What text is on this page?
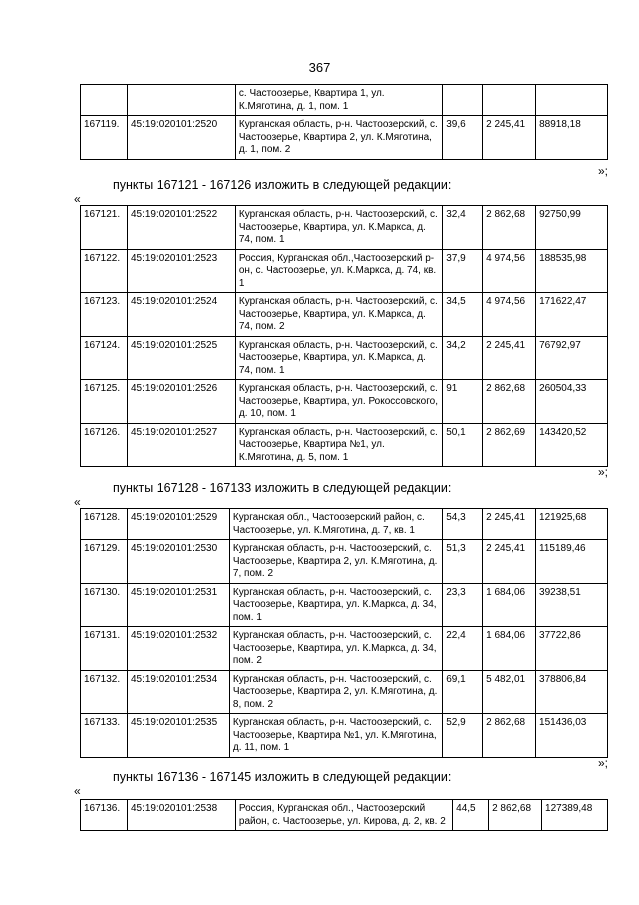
367
		с. Частоозерье, Квартира 1, ул. К.Мяготина, д. 1, пом. 1			
167119.	45:19:020101:2520	Курганская область, р-н. Частоозерский, с. Частоозерье, Квартира 2, ул. К.Мяготина, д. 1, пом. 2	39,6	2 245,41	88918,18
»;
пункты 167121 - 167126 изложить в следующей редакции:
«
167121.	45:19:020101:2522	Курганская область, р-н. Частоозерский, с. Частоозерье, Квартира, ул. К.Маркса, д. 74, пом. 1	32,4	2 862,68	92750,99
167122.	45:19:020101:2523	Россия, Курганская обл.,Частоозерский р-он, с. Частоозерье, ул. К.Маркса, д. 74, кв. 1	37,9	4 974,56	188535,98
167123.	45:19:020101:2524	Курганская область, р-н. Частоозерский, с. Частоозерье, Квартира, ул. К.Маркса, д. 74, пом. 2	34,5	4 974,56	171622,47
167124.	45:19:020101:2525	Курганская область, р-н. Частоозерский, с. Частоозерье, Квартира, ул. К.Маркса, д. 74, пом. 1	34,2	2 245,41	76792,97
167125.	45:19:020101:2526	Курганская область, р-н. Частоозерский, с. Частоозерье, Квартира, ул. Рокоссовского, д. 10, пом. 1	91	2 862,68	260504,33
167126.	45:19:020101:2527	Курганская область, р-н. Частоозерский, с. Частоозерье, Квартира №1, ул. К.Мяготина, д. 5, пом. 1	50,1	2 862,69	143420,52
»;
пункты 167128 - 167133 изложить в следующей редакции:
«
167128.	45:19:020101:2529	Курганская обл., Частоозерский район, с. Частоозерье, ул. К.Мяготина, д. 7, кв. 1	54,3	2 245,41	121925,68
167129.	45:19:020101:2530	Курганская область, р-н. Частоозерский, с. Частоозерье, Квартира 2, ул. К.Мяготина, д. 7, пом. 2	51,3	2 245,41	115189,46
167130.	45:19:020101:2531	Курганская область, р-н. Частоозерский, с. Частоозерье, Квартира, ул. К.Маркса, д. 34, пом. 1	23,3	1 684,06	39238,51
167131.	45:19:020101:2532	Курганская область, р-н. Частоозерский, с. Частоозерье, Квартира, ул. К.Маркса, д. 34, пом. 2	22,4	1 684,06	37722,86
167132.	45:19:020101:2534	Курганская область, р-н. Частоозерский, с. Частоозерье, Квартира 2, ул. К.Мяготина, д. 8, пом. 2	69,1	5 482,01	378806,84
167133.	45:19:020101:2535	Курганская область, р-н. Частоозерский, с. Частоозерье, Квартира №1, ул. К.Мяготина, д. 11, пом. 1	52,9	2 862,68	151436,03
»;
пункты 167136 - 167145 изложить в следующей редакции:
«
167136.	45:19:020101:2538	Россия, Курганская обл., Частоозерский район, с. Частоозерье, ул. Кирова, д. 2, кв. 2	44,5	2 862,68	127389,48
